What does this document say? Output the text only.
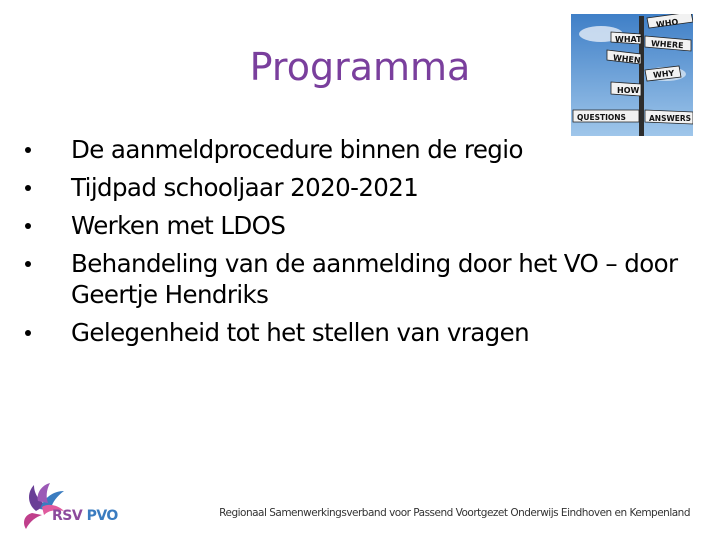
Programma
WHO
WHAT WHERE
WHEN
WHY
HOW
QUESTIONS	ANSWERS
De aanmeldprocedure binnen de regio
Tijdpad schooljaar 2020-2021
Werken met LDOS
Behandeling van de aanmelding door het VO – door Geertje Hendriks
Gelegenheid tot het stellen van vragen
RSV PVO	Regionaal Samenwerkingsverband voor Passend Voortgezet Onderwijs Eindhoven en Kempenland
